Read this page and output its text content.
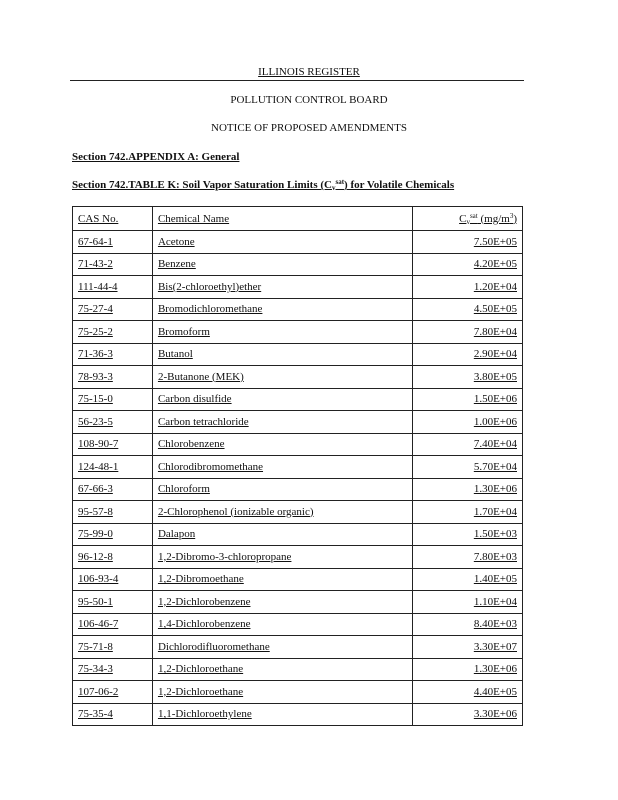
ILLINOIS REGISTER
POLLUTION CONTROL BOARD
NOTICE OF PROPOSED AMENDMENTS
Section 742.APPENDIX A: General
Section 742.TABLE K: Soil Vapor Saturation Limits $(C_v^{sat})$ for Volatile Chemicals
CAS No.	Chemical Name	$C_v^{sat}$ $(mg/m^3)$
67-64-1	Acetone	7.50E+05
71-43-2	Benzene	4.20E+05
111-44-4	Bis(2-chloroethyl)ether	1.20E+04
75-27-4	Bromodichloromethane	4.50E+05
75-25-2	Bromoform	7.80E+04
71-36-3	Butanol	2.90E+04
78-93-3	2-Butanone (MEK)	3.80E+05
75-15-0	Carbon disulfide	1.50E+06
56-23-5	Carbon tetrachloride	1.00E+06
108-90-7	Chlorobenzene	7.40E+04
124-48-1	Chlorodibromomethane	5.70E+04
67-66-3	Chloroform	1.30E+06
95-57-8	2-Chlorophenol (ionizable organic)	1.70E+04
75-99-0	Dalapon	1.50E+03
96-12-8	1,2-Dibromo-3-chloropropane	7.80E+03
106-93-4	1,2-Dibromoethane	1.40E+05
95-50-1	1,2-Dichlorobenzene	1.10E+04
106-46-7	1,4-Dichlorobenzene	8.40E+03
75-71-8	Dichlorodifluoromethane	3.30E+07
75-34-3	1,2-Dichloroethane	1.30E+06
107-06-2	1,2-Dichloroethane	4.40E+05
75-35-4	1,1-Dichloroethylene	3.30E+06
